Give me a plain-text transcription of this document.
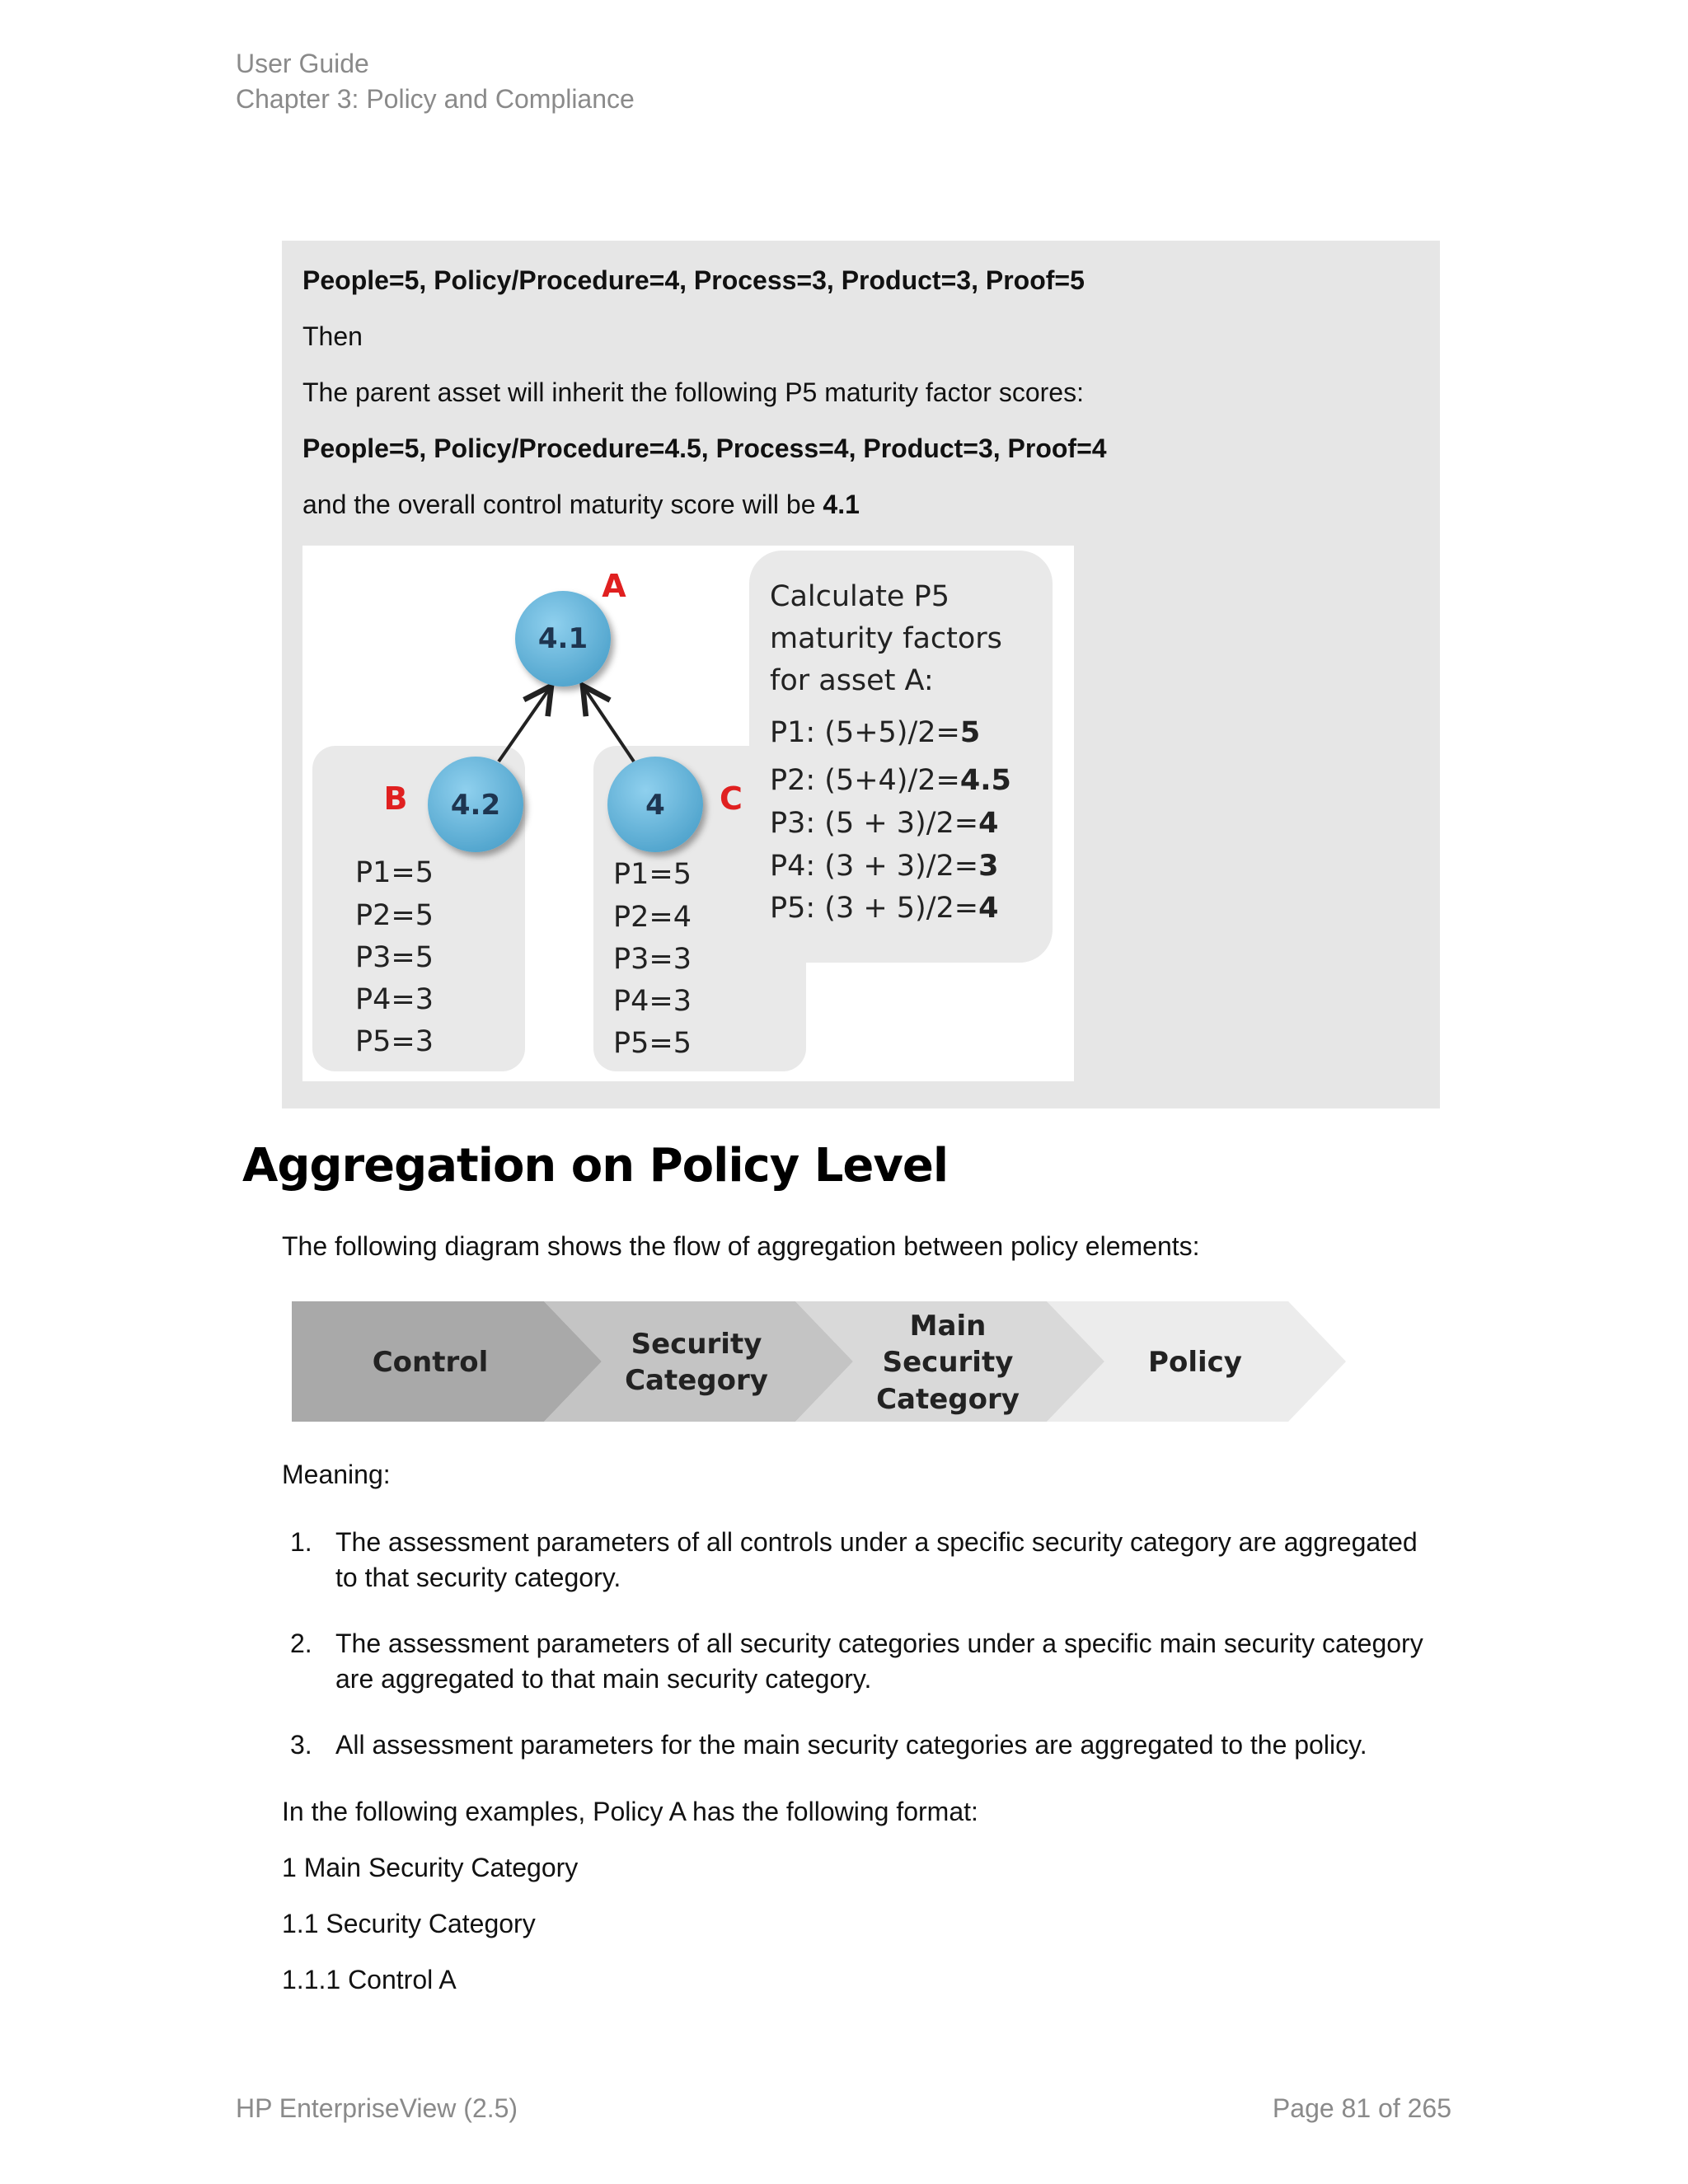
User Guide
Chapter 3: Policy and Compliance
People=5, Policy/Procedure=4, Process=3, Product=3, Proof=5
Then
The parent asset will inherit the following P5 maturity factor scores:
People=5, Policy/Procedure=4.5, Process=4, Product=3, Proof=4
and the overall control maturity score will be 4.1
4.1
A
4.2
B	4 C
P1=5
P2=5
P3=5
P4=3
P5=3
P1=5
P2=4
P3=3
P4=3
P5=5
Calculate P5
maturity factors
for asset A:
P1: (5+5)/2=5
P2: (5+4)/2=4.5
P3: (5 + 3)/2=4
P4: (3 + 3)/2=3
P5: (3 + 5)/2=4
Aggregation on Policy Level
The following diagram shows the flow of aggregation between policy elements:
Control
Security
Category
Main
Security
Category
Policy
Meaning:
1. The assessment parameters of all controls under a specific security category are aggregated to that security category.
2. The assessment parameters of all security categories under a specific main security category are aggregated to that main security category.
3. All assessment parameters for the main security categories are aggregated to the policy.
In the following examples, Policy A has the following format:
1 Main Security Category
1.1 Security Category
1.1.1 Control A
HP EnterpriseView (2.5)	Page 81 of 265
